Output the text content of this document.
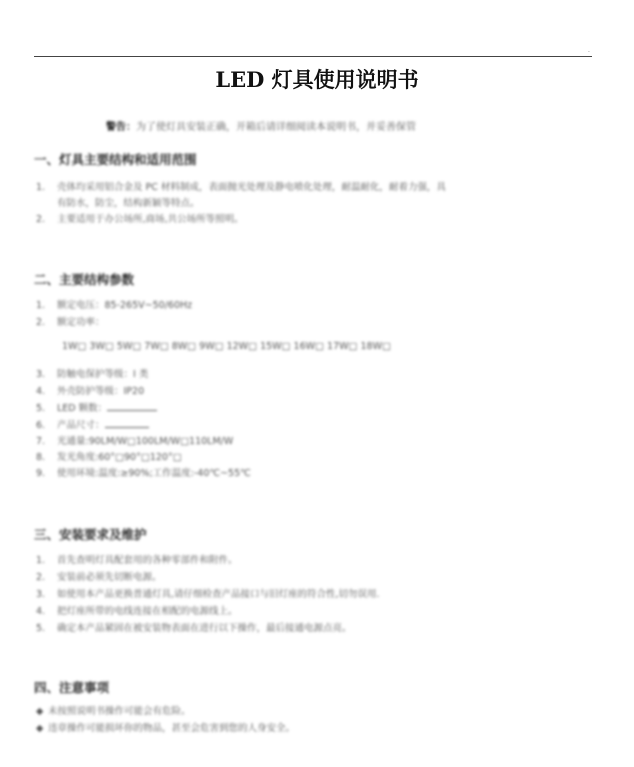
·
LED 灯具使用说明书
警告：为了使灯具安装正确，开箱后请详细阅读本说明书，并妥善保管
一、灯具主要结构和适用范围
1. 壳体均采用铝合金及 PC 材料制成，表面抛光处理及静电喷化处理，耐温耐化，耐着力强，具
有防水，防尘，结构新颖等特点。
2. 主要适用于办公场所,商场,共公场所等照明。
二、主要结构参数
1. 额定电压：85-265V~50/60Hz
2. 额定功率：
1W□ 3W□ 5W□ 7W□ 8W□ 9W□ 12W□ 15W□ 16W□ 17W□ 18W□
3. 防触电保护等级：I 类
4. 外壳防护等级：IP20
5. LED 颗数：
6. 产品尺寸：
7. 光通量:90LM/W□100LM/W□110LM/W
8. 发光角度:60°□90°□120°□
9. 使用环境:温度:≥90%;工作温度:-40℃~55℃
三、安装要求及维护
1. 首先查明灯具配套用的各种零部件和附件。
2. 安装前必须先切断电源。
3. 如使用本产品更换普通灯具,请仔细检查产品接口与旧灯座的符合性,切勿误用.
4. 把灯座所带的电线连接在相配的电源线上。
5. 确定本产品紧固在被安装物表面在进行以下操作，最后接通电源点亮。
四、注意事项
◆ 未按照说明书操作可能会有危险。
◆ 违章操作可能损坏你的物品，甚至会危害到您的人身安全。
